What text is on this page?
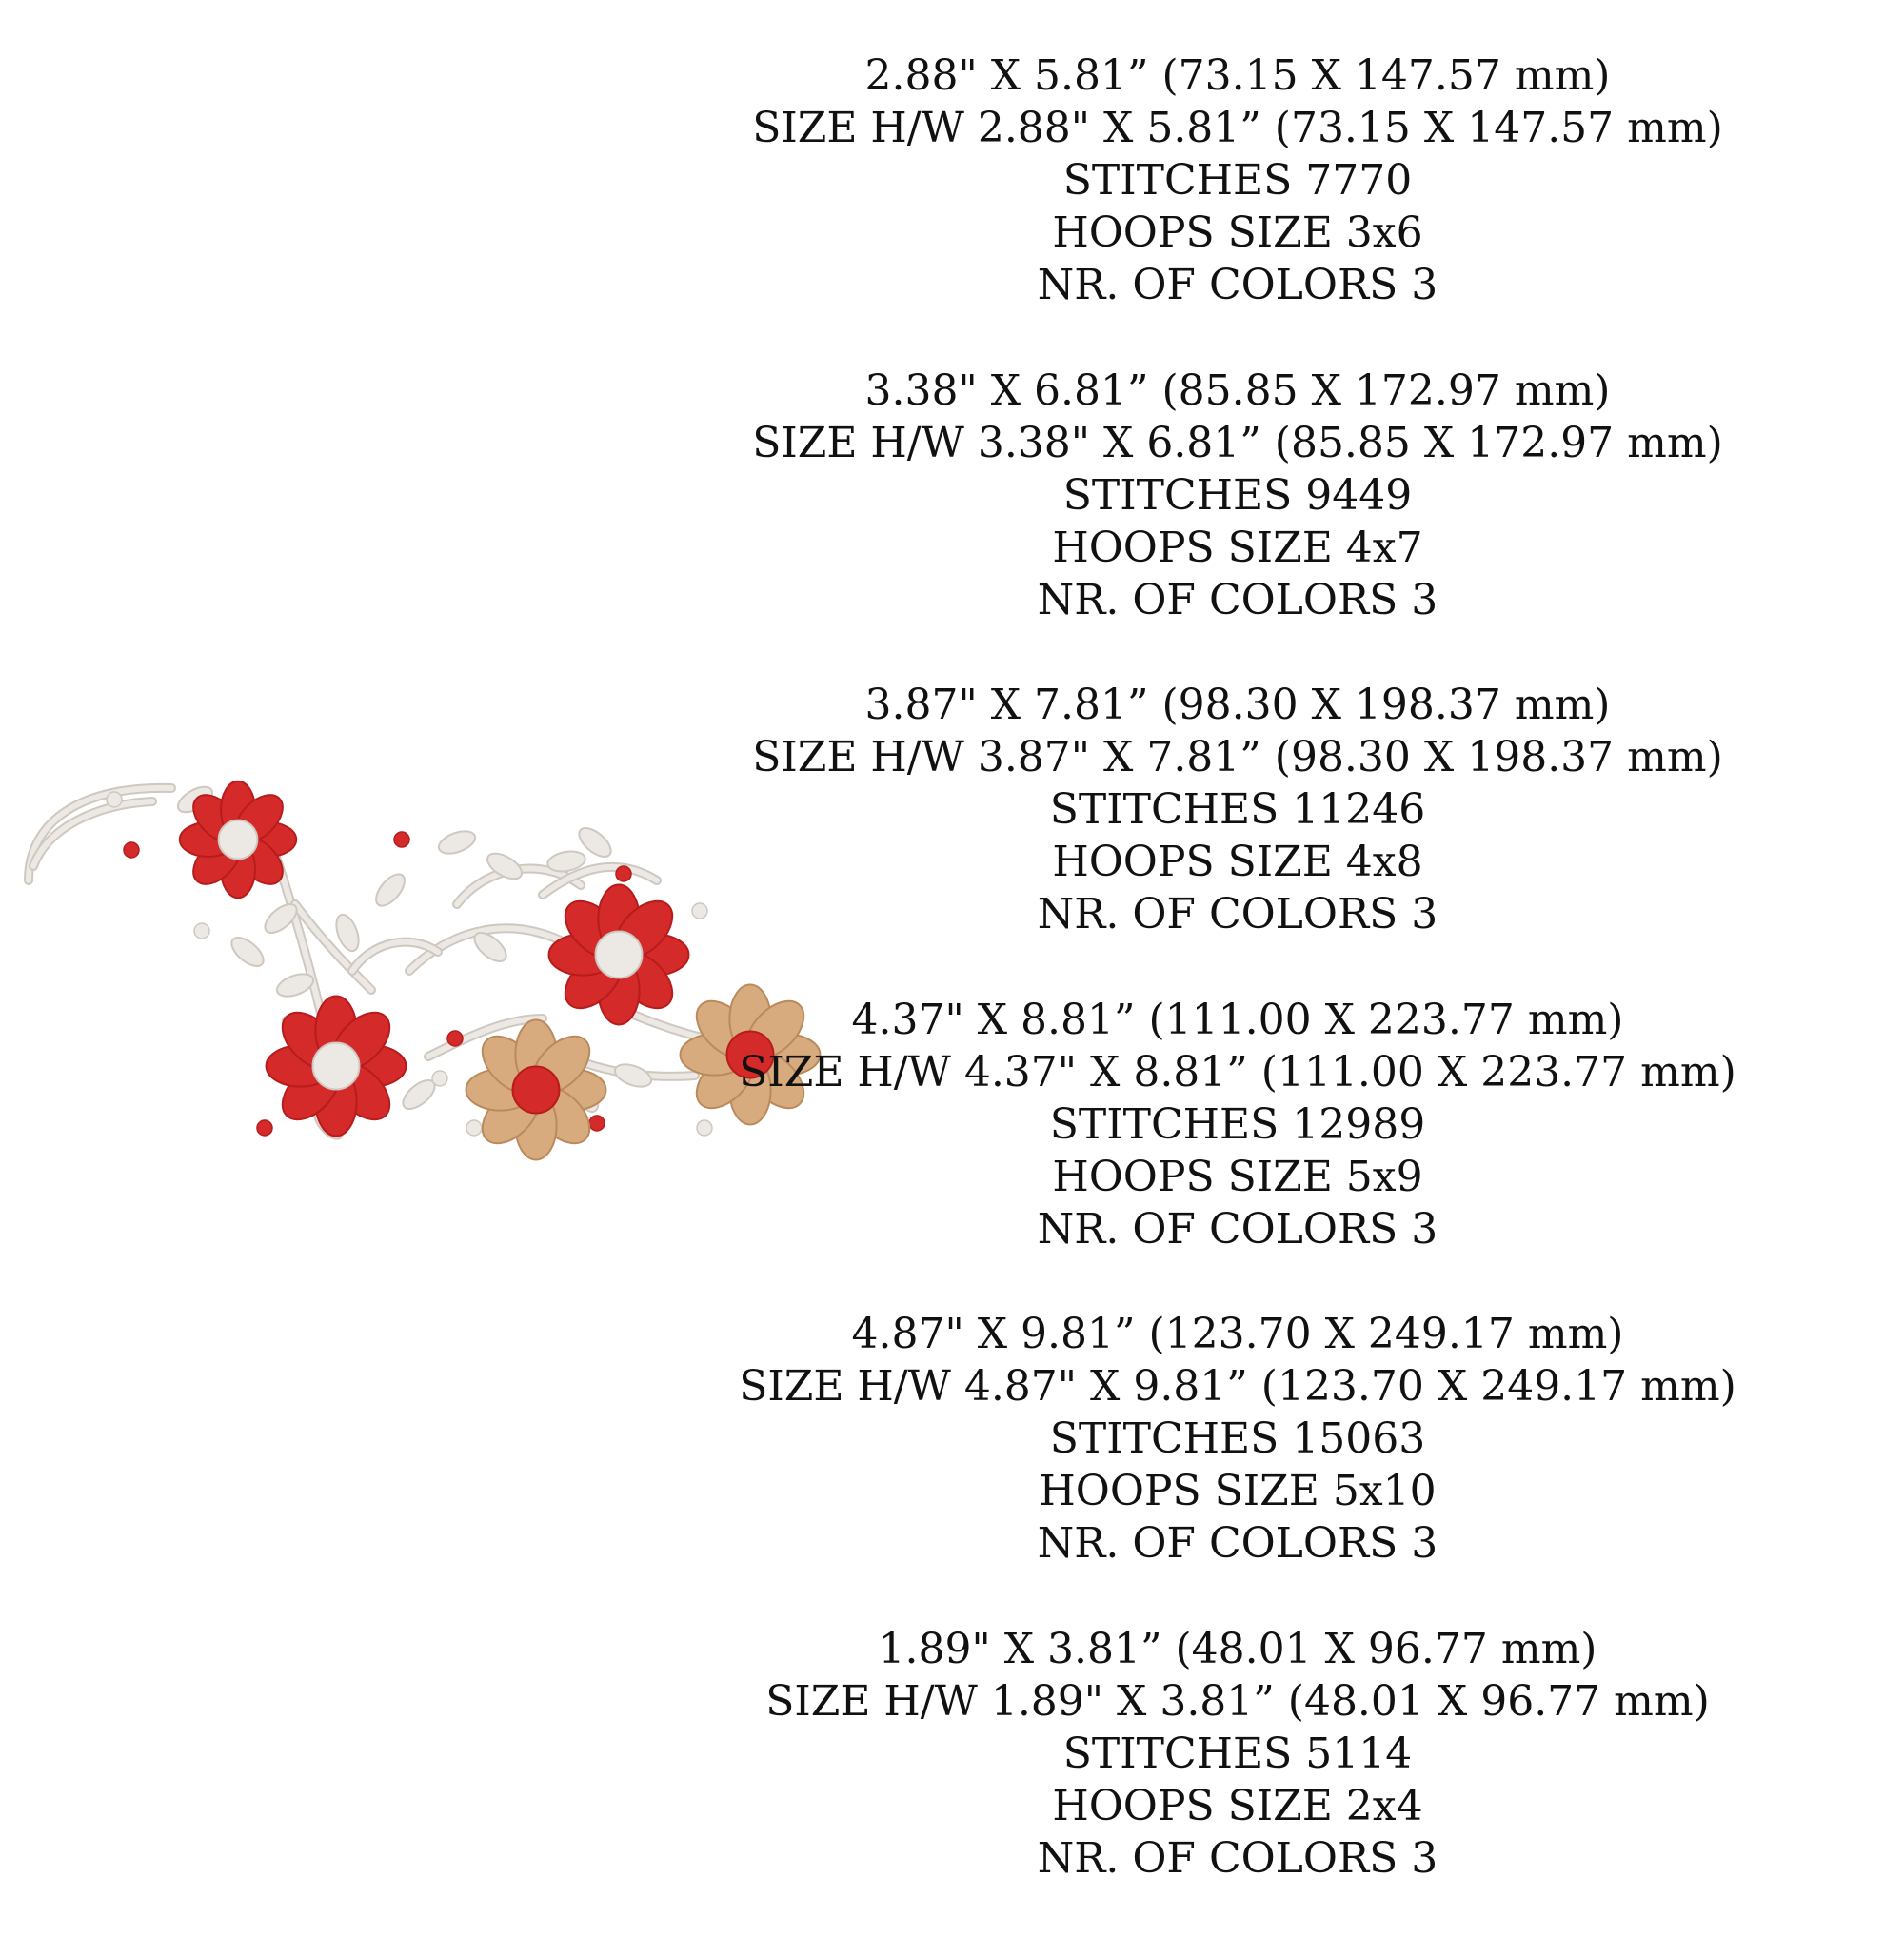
2.88" X 5.81” (73.15 X 147.57 mm)
SIZE H/W 2.88" X 5.81” (73.15 X 147.57 mm)
STITCHES 7770
HOOPS SIZE 3x6
NR. OF COLORS 3
3.38" X 6.81” (85.85 X 172.97 mm)
SIZE H/W 3.38" X 6.81” (85.85 X 172.97 mm)
STITCHES 9449
HOOPS SIZE 4x7
NR. OF COLORS 3
3.87" X 7.81” (98.30 X 198.37 mm)
SIZE H/W 3.87" X 7.81” (98.30 X 198.37 mm)
STITCHES 11246
HOOPS SIZE 4x8
NR. OF COLORS 3
4.37" X 8.81” (111.00 X 223.77 mm)
SIZE H/W 4.37" X 8.81” (111.00 X 223.77 mm)
STITCHES 12989
HOOPS SIZE 5x9
NR. OF COLORS 3
4.87" X 9.81” (123.70 X 249.17 mm)
SIZE H/W 4.87" X 9.81” (123.70 X 249.17 mm)
STITCHES 15063
HOOPS SIZE 5x10
NR. OF COLORS 3
1.89" X 3.81” (48.01 X 96.77 mm)
SIZE H/W 1.89" X 3.81” (48.01 X 96.77 mm)
STITCHES 5114
HOOPS SIZE 2x4
NR. OF COLORS 3
